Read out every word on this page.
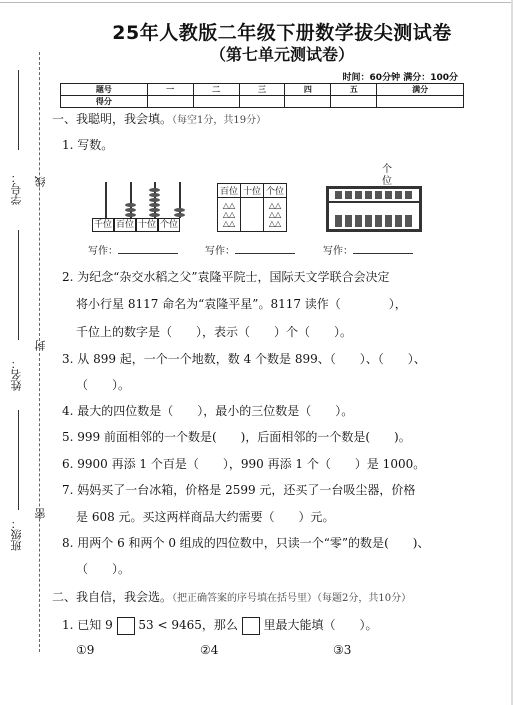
学号： 线
姓名：
封
班级：
密
25年人教版二年级下册数学拔尖测试卷
（第七单元测试卷）
时间：60分钟 满分：100分
题号	一	二	三	四	五	满分
得分						
一、我聪明，我会填。（每空1分，共19分）
1. 写数。
千位 百位 十位 个位
百位	十位	个位
△△
△△
△△		△△
△△
△△
个
位
写作：	写作：	写作：
2. 为纪念“杂交水稻之父”袁隆平院士，国际天文学联合会决定
将小行星 8117 命名为“袁隆平星”。8117 读作（　　　　），
千位上的数字是（　　），表示（　　）个（　　）。
3. 从 899 起，一个一个地数，数 4 个数是 899、（　　）、（　　）、
（　　）。
4. 最大的四位数是（　　），最小的三位数是（　　）。
5. 999 前面相邻的一个数是(　　)，后面相邻的一个数是(　　)。
6. 9900 再添 1 个百是（　　），990 再添 1 个（　　）是 1000。
7. 妈妈买了一台冰箱，价格是 2599 元，还买了一台吸尘器，价格
是 608 元。买这两样商品大约需要（　　）元。
8. 用两个 6 和两个 0 组成的四位数中，只读一个“零”的数是(　　)、
（　　）。
二、我自信，我会选。（把正确答案的序号填在括号里）（每题2分，共10分）
1. 已知 9 53 < 9465，那么 里最大能填（　　）。
①9	②4	③3
